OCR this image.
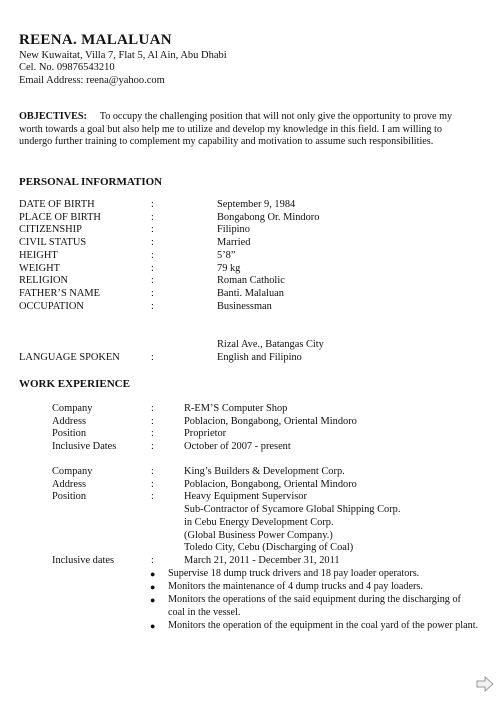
REENA. MALALUAN
New Kuwaitat, Villa 7, Flat 5, Al Ain, Abu Dhabi
Cel. No. 09876543210
Email Address: reena@yahoo.com
OBJECTIVES: To occupy the challenging position that will not only give the opportunity to prove my worth towards a goal but also help me to utilize and develop my knowledge in this field. I am willing to undergo further training to complement my capability and motivation to assume such responsibilities.
PERSONAL INFORMATION
DATE OF BIRTH	:	September 9, 1984
PLACE OF BIRTH	:	Bongabong Or. Mindoro
CITIZENSHIP	:	Filipino
CIVIL STATUS	:	Married
HEIGHT	:	5’8”
WEIGHT	:	79 kg
RELIGION	:	Roman Catholic
FATHER’S NAME	:	Banti. Malaluan
OCCUPATION	:	Businessman
Rizal Ave., Batangas City
LANGUAGE SPOKEN	:	English and Filipino
WORK EXPERIENCE
Company	:	R-EM’S Computer Shop
Address	:	Poblacion, Bongabong, Oriental Mindoro
Position	:	Proprietor
Inclusive Dates	:	October of 2007 - present
Company	:	King’s Builders & Development Corp.
Address	:	Poblacion, Bongabong, Oriental Mindoro
Position	:	Heavy Equipment Supervisor
Sub-Contractor of Sycamore Global Shipping Corp.
in Cebu Energy Development Corp.
(Global Business Power Company.)
Toledo City, Cebu (Discharging of Coal)
Inclusive dates	:	March 21, 2011 - December 31, 2011
● Supervise 18 dump truck drivers and 18 pay loader operators.
● Monitors the maintenance of 4 dump trucks and 4 pay loaders.
● Monitors the operations of the said equipment during the discharging of coal in the vessel.
● Monitors the operation of the equipment in the coal yard of the power plant.
